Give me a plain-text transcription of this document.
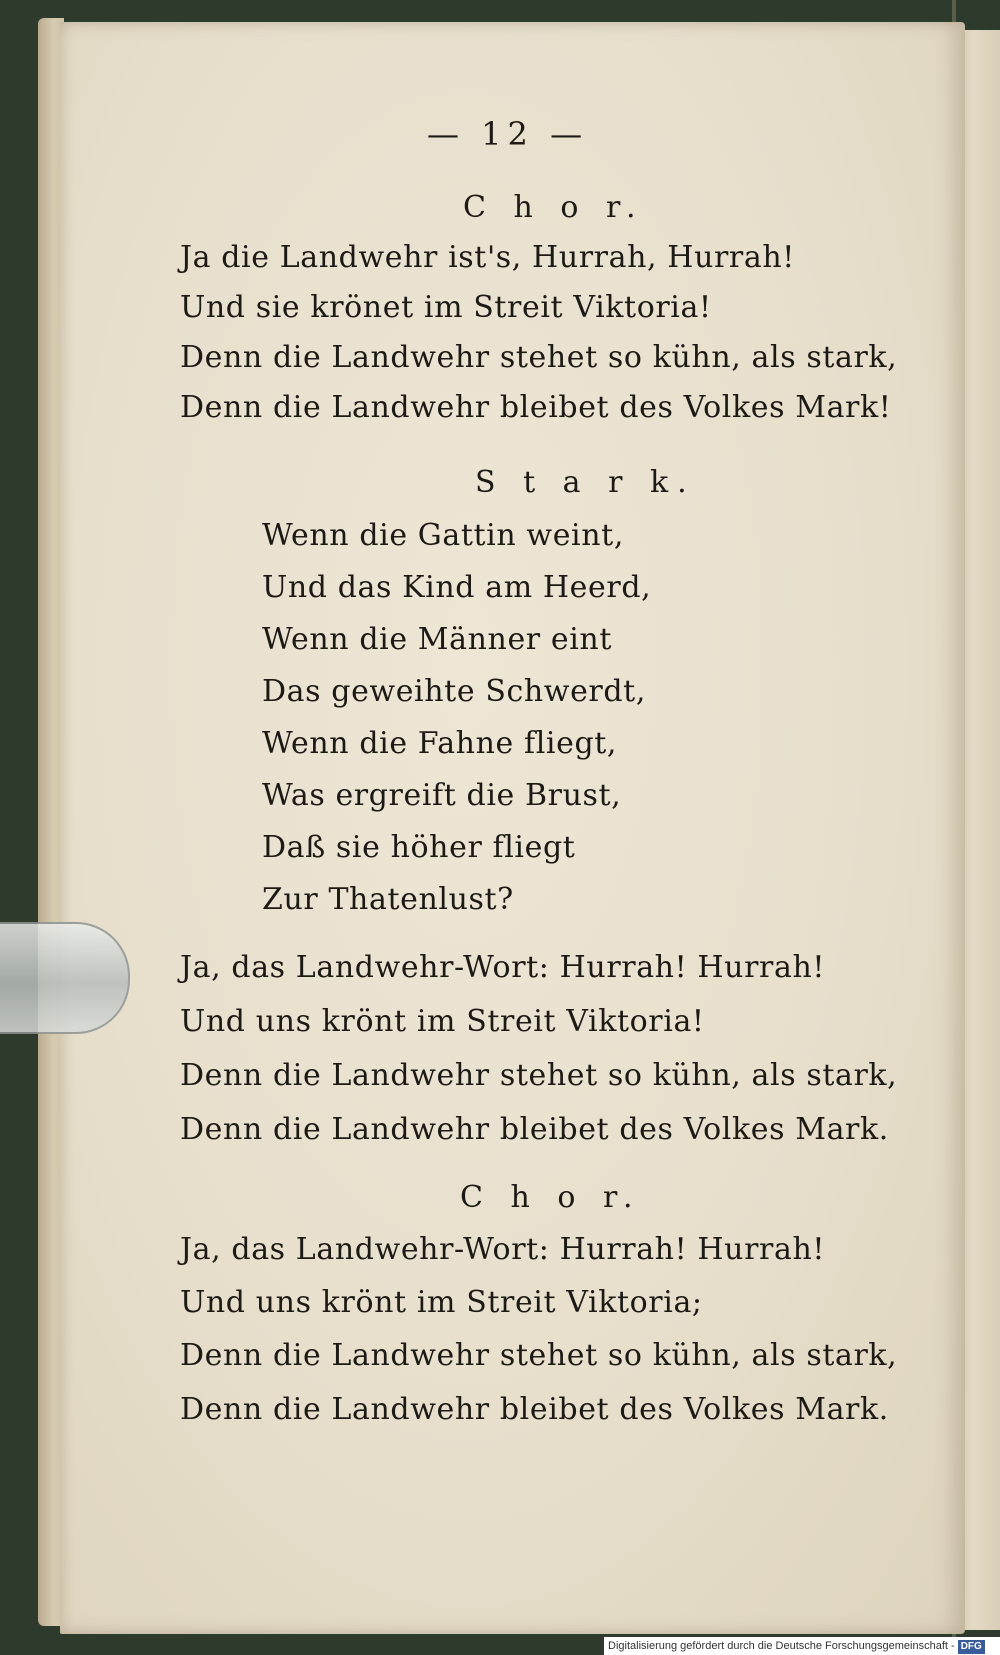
— 12 —

C h o r.

Ja die Landwehr ist's, Hurrah, Hurrah!

Und sie krönet im Streit Viktoria!

Denn die Landwehr stehet so kühn, als stark,

Denn die Landwehr bleibet des Volkes Mark!

S t a r k.

Wenn die Gattin weint,

Und das Kind am Heerd,

Wenn die Männer eint

Das geweihte Schwerdt,

Wenn die Fahne fliegt,

Was ergreift die Brust,

Daß sie höher fliegt

Zur Thatenlust?

Ja, das Landwehr-Wort: Hurrah! Hurrah!

Und uns krönt im Streit Viktoria!

Denn die Landwehr stehet so kühn, als stark,

Denn die Landwehr bleibet des Volkes Mark.

C h o r.

Ja, das Landwehr-Wort: Hurrah! Hurrah!

Und uns krönt im Streit Viktoria;

Denn die Landwehr stehet so kühn, als stark,

Denn die Landwehr bleibet des Volkes Mark.

Digitalisierung gefördert durch die Deutsche Forschungsgemeinschaft - DFG
